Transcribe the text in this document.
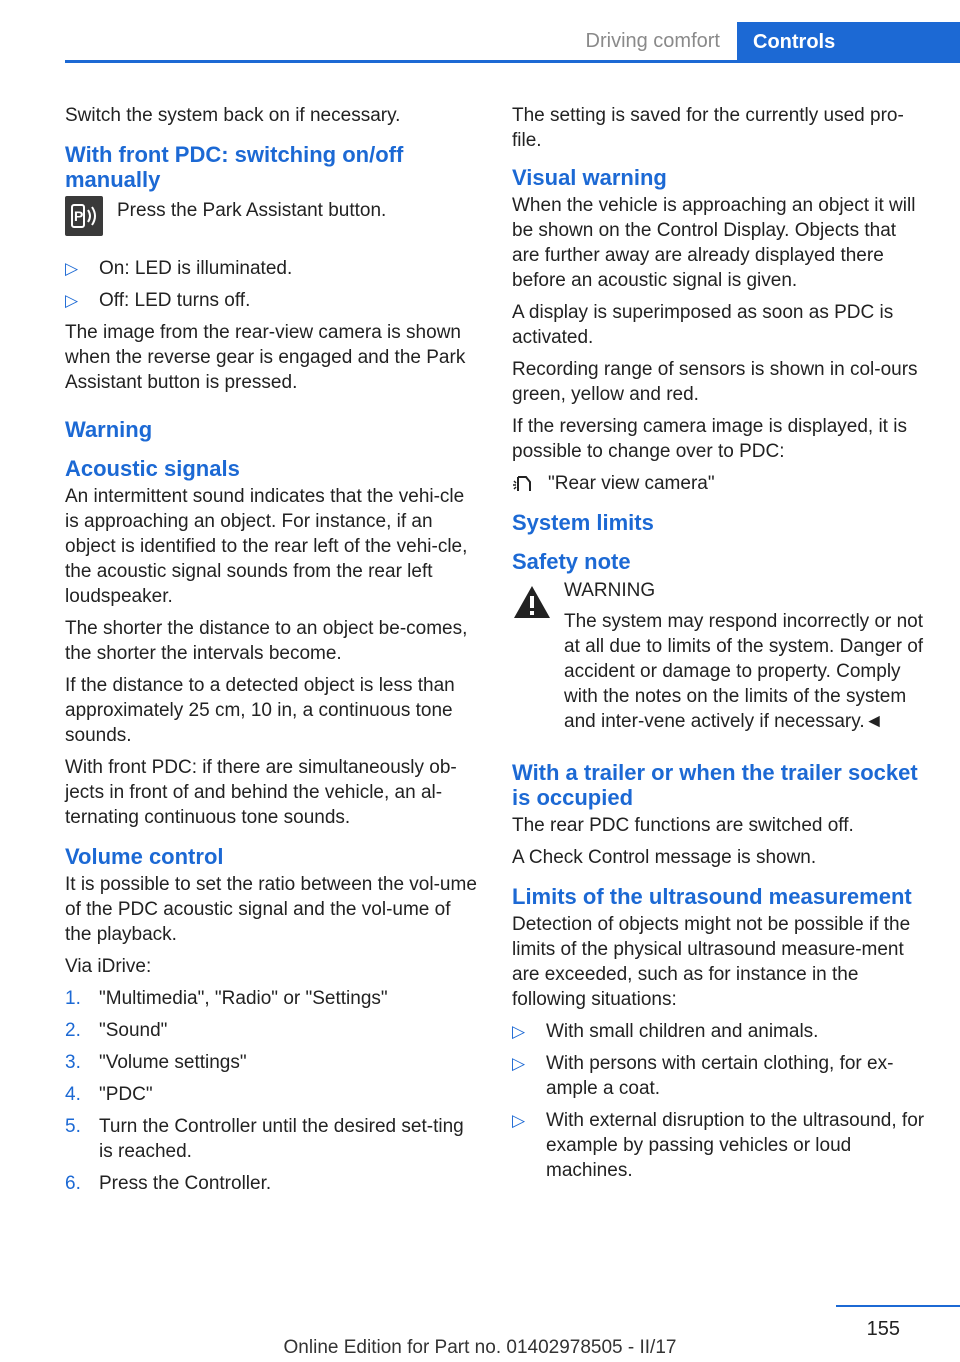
Driving comfort	Controls

Switch the system back on if necessary.

With front PDC: switching on/off manually
P Press the Park Assistant button.
▷ On: LED is illuminated.
▷ Off: LED turns off.

The image from the rear-view camera is shown when the reverse gear is engaged and the Park Assistant button is pressed.

Warning
Acoustic signals

An intermittent sound indicates that the vehi-cle is approaching an object. For instance, if an object is identified to the rear left of the vehi-cle, the acoustic signal sounds from the rear left loudspeaker.

The shorter the distance to an object be-comes, the shorter the intervals become.

If the distance to a detected object is less than approximately 25 cm, 10 in, a continuous tone sounds.

With front PDC: if there are simultaneously ob-jects in front of and behind the vehicle, an al-ternating continuous tone sounds.

Volume control

It is possible to set the ratio between the vol-ume of the PDC acoustic signal and the vol-ume of the playback.

Via iDrive:

1. "Multimedia", "Radio" or "Settings"
2. "Sound"
3. "Volume settings"
4. "PDC"
5. Turn the Controller until the desired set-ting is reached.
6. Press the Controller.

The setting is saved for the currently used pro-file.

Visual warning

When the vehicle is approaching an object it will be shown on the Control Display. Objects that are further away are already displayed there before an acoustic signal is given.

A display is superimposed as soon as PDC is activated.

Recording range of sensors is shown in col-ours green, yellow and red.

If the reversing camera image is displayed, it is possible to change over to PDC:

"Rear view camera"
System limits
Safety note
WARNING

The system may respond incorrectly or not at all due to limits of the system. Danger of accident or damage to property. Comply with the notes on the limits of the system and inter-vene actively if necessary.◄

With a trailer or when the trailer socket is occupied

The rear PDC functions are switched off.

A Check Control message is shown.

Limits of the ultrasound measurement

Detection of objects might not be possible if the limits of the physical ultrasound measure-ment are exceeded, such as for instance in the following situations:

▷ With small children and animals.
▷ With persons with certain clothing, for ex-ample a coat.
▷ With external disruption to the ultrasound, for example by passing vehicles or loud machines.
155
Online Edition for Part no. 01402978505 - II/17
